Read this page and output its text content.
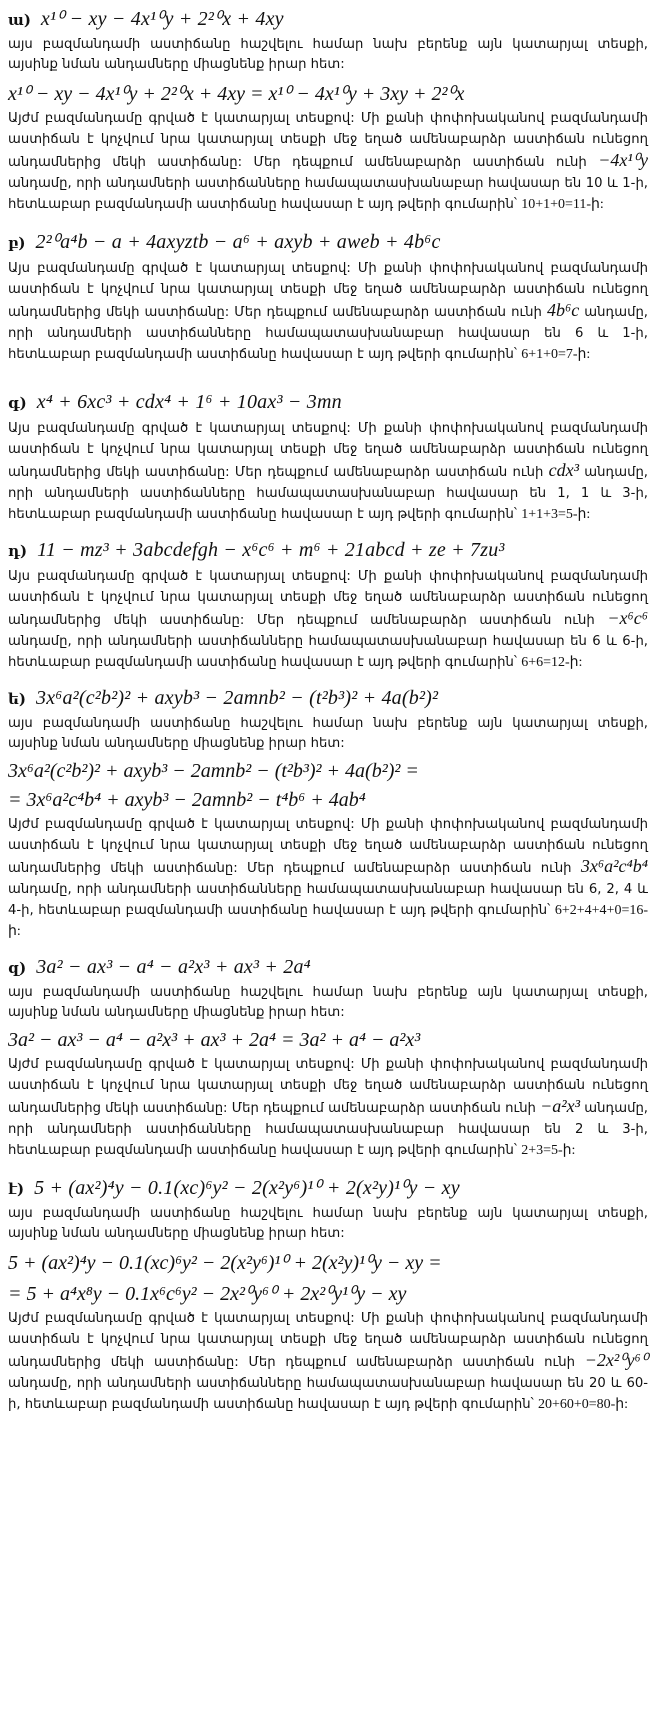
ա) x¹⁰ − xy − 4x¹⁰y + 2²⁰x + 4xy
այս բազմանդամի աստիճանը հաշվելու համար նախ բերենք այն կատարյալ տեսքի, այսինք նման անդամները միացնենք իրար հետ:
x¹⁰ − xy − 4x¹⁰y + 2²⁰x + 4xy = x¹⁰ − 4x¹⁰y + 3xy + 2²⁰x
Այժմ բազմանդամը գրված է կատարյալ տեսքով: Մի քանի փոփոխականով բազմանդամի աստիճան է կոչվում նրա կատարյալ տեսքի մեջ եղած ամենաբարձր աստիճան ունեցող անդամներից մեկի աստիճանը: Մեր դեպքում ամենաբարձր աստիճան ունի −4x¹⁰y անդամը, որի անդամների աստիճանները համապատասխանաբար հավասար են 10 և 1-ի, հետևաբար բազմանդամի աստիճանը հավասար է այդ թվերի գումարին՝ 10+1+0=11-ի:
բ) 2²⁰a⁴b − a + 4axyztb − a⁶ + axyb + aweb + 4b⁶c
Այս բազմանդամը գրված է կատարյալ տեսքով: Մի քանի փոփոխականով բազմանդամի աստիճան է կոչվում նրա կատարյալ տեսքի մեջ եղած ամենաբարձր աստիճան ունեցող անդամներից մեկի աստիճանը: Մեր դեպքում ամենաբարձր աստիճան ունի 4b⁶c անդամը, որի անդամների աստիճանները համապատասխանաբար հավասար են 6 և 1-ի, հետևաբար բազմանդամի աստիճանը հավասար է այդ թվերի գումարին՝ 6+1+0=7-ի:
գ) x⁴ + 6xc³ + cdx⁴ + 1⁶ + 10ax³ − 3mn
Այս բազմանդամը գրված է կատարյալ տեսքով: Մի քանի փոփոխականով բազմանդամի աստիճան է կոչվում նրա կատարյալ տեսքի մեջ եղած ամենաբարձր աստիճան ունեցող անդամներից մեկի աստիճանը: Մեր դեպքում ամենաբարձր աստիճան ունի cdx³ անդամը, որի անդամների աստիճանները համապատասխանաբար հավասար են 1, 1 և 3-ի, հետևաբար բազմանդամի աստիճանը հավասար է այդ թվերի գումարին՝ 1+1+3=5-ի:
դ) 11 − mz³ + 3abcdefgh − x⁶c⁶ + m⁶ + 21abcd + ze + 7zu³
Այս բազմանդամը գրված է կատարյալ տեսքով: Մի քանի փոփոխականով բազմանդամի աստիճան է կոչվում նրա կատարյալ տեսքի մեջ եղած ամենաբարձր աստիճան ունեցող անդամներից մեկի աստիճանը: Մեր դեպքում ամենաբարձր աստիճան ունի −x⁶c⁶ անդամը, որի անդամների աստիճանները համապատասխանաբար հավասար են 6 և 6-ի, հետևաբար բազմանդամի աստիճանը հավասար է այդ թվերի գումարին՝ 6+6=12-ի:
ե) 3x⁶a²(c²b²)² + axyb³ − 2amnb² − (t²b³)² + 4a(b²)²
այս բազմանդամի աստիճանը հաշվելու համար նախ բերենք այն կատարյալ տեսքի, այսինք նման անդամները միացնենք իրար հետ:
3x⁶a²(c²b²)² + axyb³ − 2amnb² − (t²b³)² + 4a(b²)² =
= 3x⁶a²c⁴b⁴ + axyb³ − 2amnb² − t⁴b⁶ + 4ab⁴
Այժմ բազմանդամը գրված է կատարյալ տեսքով: Մի քանի փոփոխականով բազմանդամի աստիճան է կոչվում նրա կատարյալ տեսքի մեջ եղած ամենաբարձր աստիճան ունեցող անդամներից մեկի աստիճանը: Մեր դեպքում ամենաբարձր աստիճան ունի 3x⁶a²c⁴b⁴ անդամը, որի անդամների աստիճանները համապատասխանաբար հավասար են 6, 2, 4 և 4-ի, հետևաբար բազմանդամի աստիճանը հավասար է այդ թվերի գումարին՝ 6+2+4+4+0=16-ի:
զ) 3a² − ax³ − a⁴ − a²x³ + ax³ + 2a⁴
այս բազմանդամի աստիճանը հաշվելու համար նախ բերենք այն կատարյալ տեսքի, այսինք նման անդամները միացնենք իրար հետ:
3a² − ax³ − a⁴ − a²x³ + ax³ + 2a⁴ = 3a² + a⁴ − a²x³
Այժմ բազմանդամը գրված է կատարյալ տեսքով: Մի քանի փոփոխականով բազմանդամի աստիճան է կոչվում նրա կատարյալ տեսքի մեջ եղած ամենաբարձր աստիճան ունեցող անդամներից մեկի աստիճանը: Մեր դեպքում ամենաբարձր աստիճան ունի −a²x³ անդամը, որի անդամների աստիճանները համապատասխանաբար հավասար են 2 և 3-ի, հետևաբար բազմանդամի աստիճանը հավասար է այդ թվերի գումարին՝ 2+3=5-ի:
է) 5 + (ax²)⁴y − 0.1(xc)⁶y² − 2(x²y⁶)¹⁰ + 2(x²y)¹⁰y − xy
այս բազմանդամի աստիճանը հաշվելու համար նախ բերենք այն կատարյալ տեսքի, այսինք նման անդամները միացնենք իրար հետ:
5 + (ax²)⁴y − 0.1(xc)⁶y² − 2(x²y⁶)¹⁰ + 2(x²y)¹⁰y − xy =
= 5 + a⁴x⁸y − 0.1x⁶c⁶y² − 2x²⁰y⁶⁰ + 2x²⁰y¹⁰y − xy
Այժմ բազմանդամը գրված է կատարյալ տեսքով: Մի քանի փոփոխականով բազմանդամի աստիճան է կոչվում նրա կատարյալ տեսքի մեջ եղած ամենաբարձր աստիճան ունեցող անդամներից մեկի աստիճանը: Մեր դեպքում ամենաբարձր աստիճան ունի −2x²⁰y⁶⁰ անդամը, որի անդամների աստիճանները համապատասխանաբար հավասար են 20 և 60-ի, հետևաբար բազմանդամի աստիճանը հավասար է այդ թվերի գումարին՝ 20+60+0=80-ի:
